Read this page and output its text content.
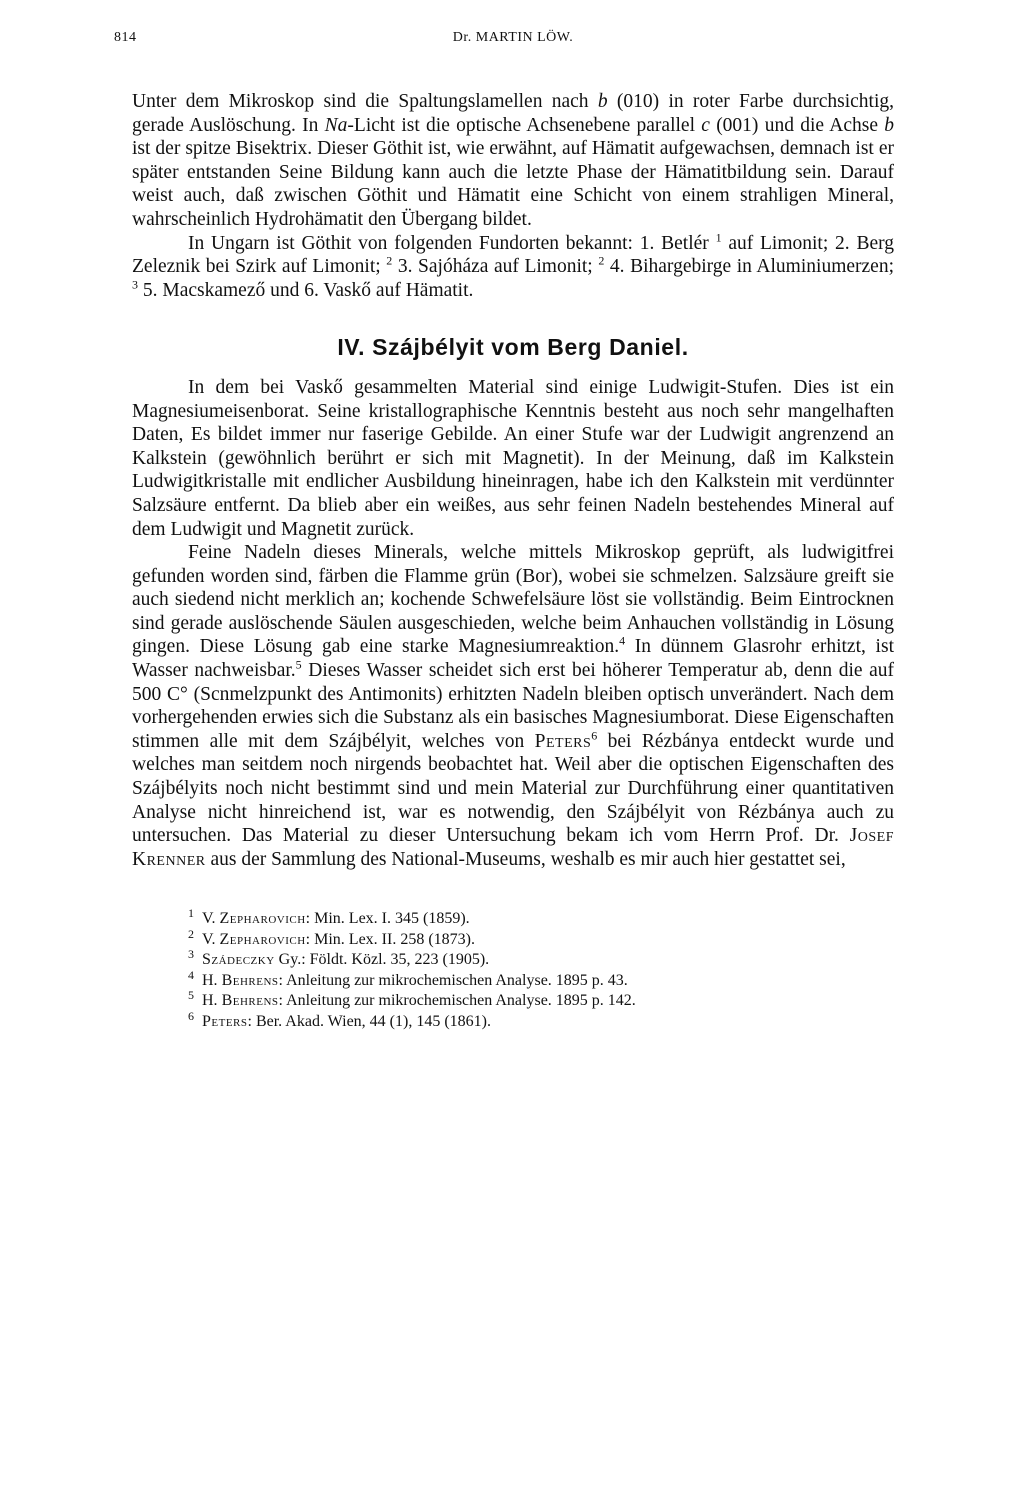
814	Dr. MARTIN LÖW.

Unter dem Mikroskop sind die Spaltungslamellen nach b (010) in roter Farbe durchsichtig, gerade Auslöschung. In Na-Licht ist die optische Achsenebene parallel c (001) und die Achse b ist der spitze Bisektrix. Dieser Göthit ist, wie erwähnt, auf Hämatit aufgewachsen, demnach ist er später entstanden Seine Bildung kann auch die letzte Phase der Hämatitbildung sein. Darauf weist auch, daß zwischen Göthit und Hämatit eine Schicht von einem strahligen Mineral, wahrscheinlich Hydrohämatit den Übergang bildet.

In Ungarn ist Göthit von folgenden Fundorten bekannt: 1. Betlér $^1$ auf Limonit; 2. Berg Zeleznik bei Szirk auf Limonit; $^2$ 3. Sajóháza auf Limonit; $^2$ 4. Bihargebirge in Aluminiumerzen; $^3$ 5. Macskamező und 6. Vaskő auf Hämatit.

IV. Szájbélyit vom Berg Daniel.

In dem bei Vaskő gesammelten Material sind einige Ludwigit-Stufen. Dies ist ein Magnesiumeisenborat. Seine kristallographische Kenntnis besteht aus noch sehr mangelhaften Daten, Es bildet immer nur faserige Gebilde. An einer Stufe war der Ludwigit angrenzend an Kalkstein (gewöhnlich berührt er sich mit Magnetit). In der Meinung, daß im Kalkstein Ludwigitkristalle mit endlicher Ausbildung hineinragen, habe ich den Kalkstein mit verdünnter Salzsäure entfernt. Da blieb aber ein weißes, aus sehr feinen Nadeln bestehendes Mineral auf dem Ludwigit und Magnetit zurück.

Feine Nadeln dieses Minerals, welche mittels Mikroskop geprüft, als ludwigitfrei gefunden worden sind, färben die Flamme grün (Bor), wobei sie schmelzen. Salzsäure greift sie auch siedend nicht merklich an; kochende Schwefelsäure löst sie vollständig. Beim Eintrocknen sind gerade auslöschende Säulen ausgeschieden, welche beim Anhauchen vollständig in Lösung gingen. Diese Lösung gab eine starke Magnesiumreaktion.$^4$ In dünnem Glasrohr erhitzt, ist Wasser nachweisbar.$^5$ Dieses Wasser scheidet sich erst bei höherer Temperatur ab, denn die auf 500 C° (Scnmelzpunkt des Antimonits) erhitzten Nadeln bleiben optisch unverändert. Nach dem vorhergehenden erwies sich die Substanz als ein basisches Magnesiumborat. Diese Eigenschaften stimmen alle mit dem Szájbélyit, welches von Peters$^6$ bei Rézbánya entdeckt wurde und welches man seitdem noch nirgends beobachtet hat. Weil aber die optischen Eigenschaften des Szájbélyits noch nicht bestimmt sind und mein Material zur Durchführung einer quantitativen Analyse nicht hinreichend ist, war es notwendig, den Szájbélyit von Rézbánya auch zu untersuchen. Das Material zu dieser Untersuchung bekam ich vom Herrn Prof. Dr. Josef Krenner aus der Sammlung des National-Museums, weshalb es mir auch hier gestattet sei,

1 V. Zepharovich: Min. Lex. I. 345 (1859).
2 V. Zepharovich: Min. Lex. II. 258 (1873).
3 Szádeczky Gy.: Földt. Közl. 35, 223 (1905).
4 H. Behrens: Anleitung zur mikrochemischen Analyse. 1895 p. 43.
5 H. Behrens: Anleitung zur mikrochemischen Analyse. 1895 p. 142.
6 Peters: Ber. Akad. Wien, 44 (1), 145 (1861).
